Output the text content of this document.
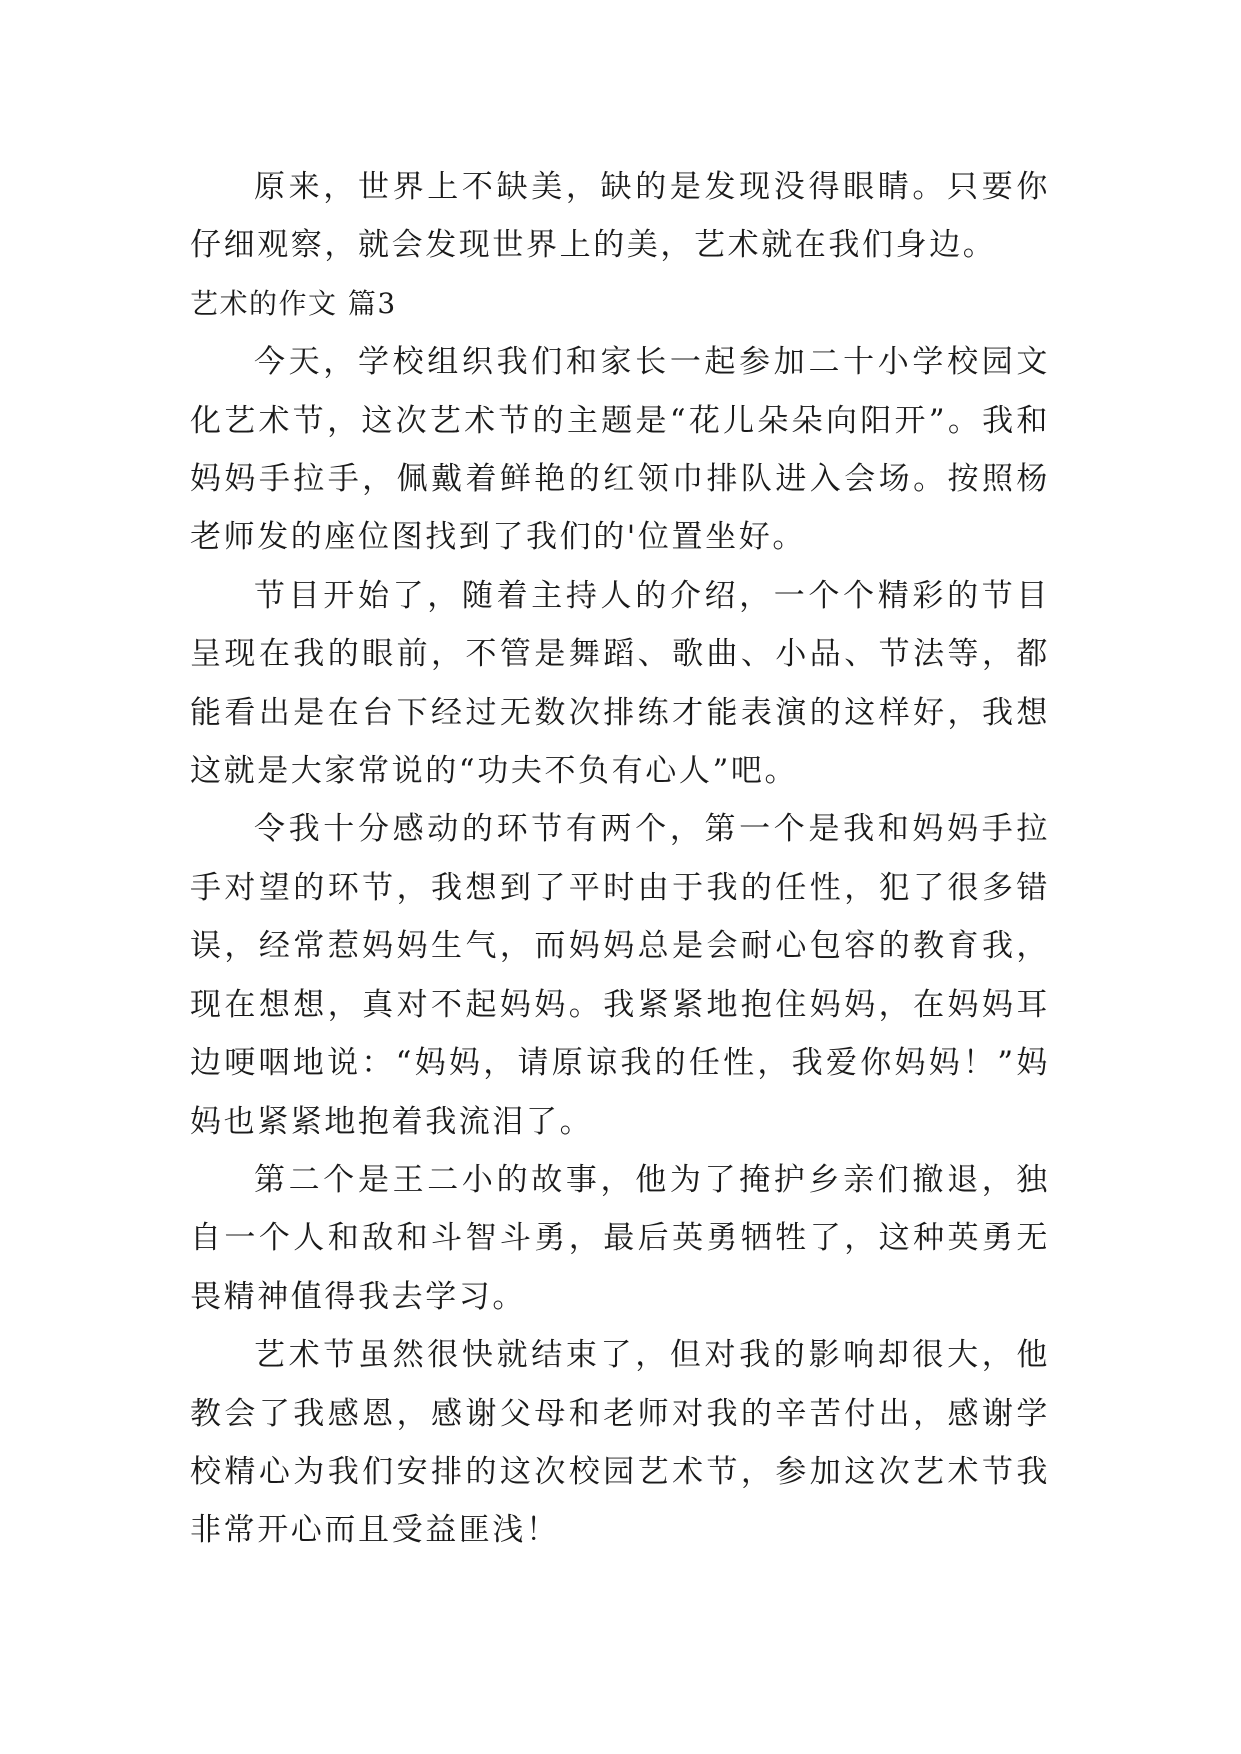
原来，世界上不缺美，缺的是发现没得眼睛。只要你仔细观察，就会发现世界上的美，艺术就在我们身边。

艺术的作文 篇3

今天，学校组织我们和家长一起参加二十小学校园文化艺术节，这次艺术节的主题是“花儿朵朵向阳开”。我和妈妈手拉手，佩戴着鲜艳的红领巾排队进入会场。按照杨老师发的座位图找到了我们的'位置坐好。

节目开始了，随着主持人的介绍，一个个精彩的节目呈现在我的眼前，不管是舞蹈、歌曲、小品、节法等，都能看出是在台下经过无数次排练才能表演的这样好，我想这就是大家常说的“功夫不负有心人”吧。

令我十分感动的环节有两个，第一个是我和妈妈手拉手对望的环节，我想到了平时由于我的任性，犯了很多错误，经常惹妈妈生气，而妈妈总是会耐心包容的教育我，现在想想，真对不起妈妈。我紧紧地抱住妈妈，在妈妈耳边哽咽地说：“妈妈，请原谅我的任性，我爱你妈妈！”妈妈也紧紧地抱着我流泪了。

第二个是王二小的故事，他为了掩护乡亲们撤退，独自一个人和敌和斗智斗勇，最后英勇牺牲了，这种英勇无畏精神值得我去学习。

艺术节虽然很快就结束了，但对我的影响却很大，他教会了我感恩，感谢父母和老师对我的辛苦付出，感谢学校精心为我们安排的这次校园艺术节，参加这次艺术节我非常开心而且受益匪浅！
